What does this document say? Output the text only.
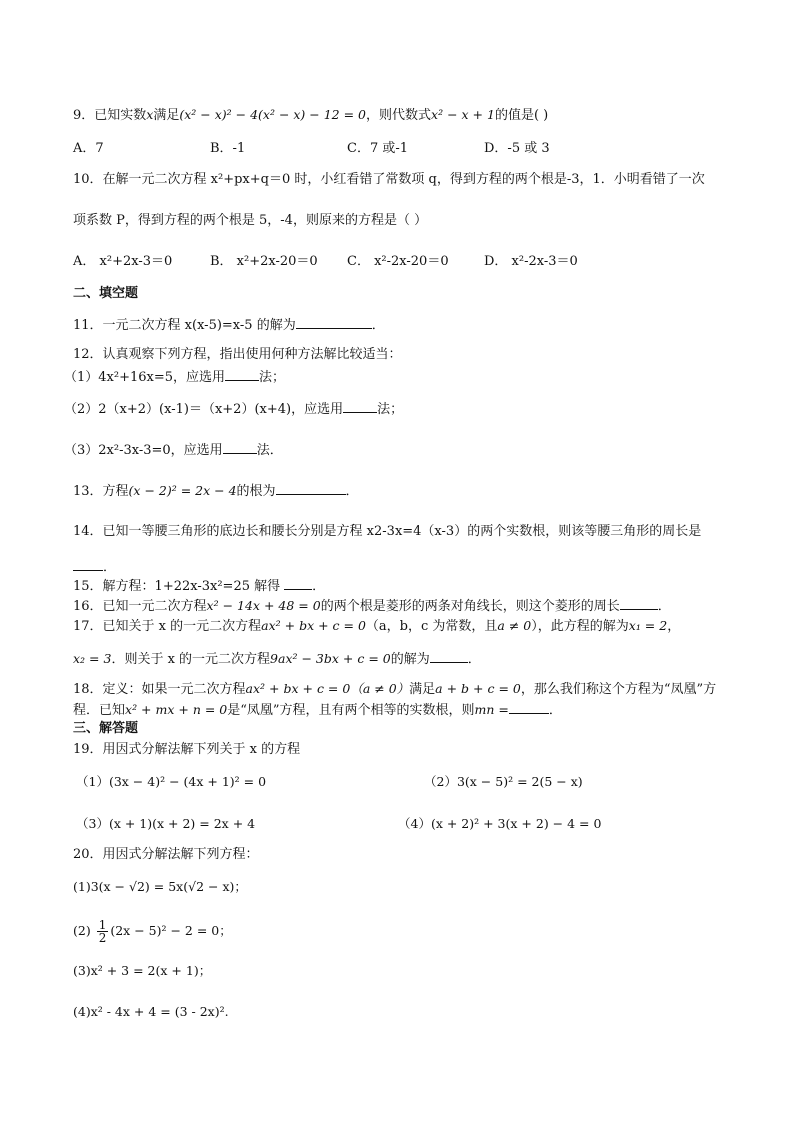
9．已知实数x满足(x² − x)² − 4(x² − x) − 12 = 0，则代数式x² − x + 1的值是( )
A．7	B．-1	C．7 或-1	D．-5 或 3
10．在解一元二次方程 x²+px+q＝0 时，小红看错了常数项 q，得到方程的两个根是-3，1．小明看错了一次
项系数 P，得到方程的两个根是 5，-4，则原来的方程是（ ）
A． x²+2x-3＝0	B． x²+2x-20＝0 C． x²-2x-20＝0	D． x²-2x-3＝0
二、填空题
11．一元二次方程 x(x-5)=x-5 的解为	．
12．认真观察下列方程，指出使用何种方法解比较适当：
（1）4x²+16x=5，应选用	法；
（2）2（x+2）(x-1)＝（x+2）(x+4)，应选用	法；
（3）2x²-3x-3=0，应选用	法．
13．方程(x − 2)² = 2x − 4的根为	．
14．已知一等腰三角形的底边长和腰长分别是方程 x2-3x=4（x-3）的两个实数根，则该等腰三角形的周长是
．
15．解方程：1+22x-3x²=25 解得 ．
16．已知一元二次方程x² − 14x + 48 = 0的两个根是菱形的两条对角线长，则这个菱形的周长	．
17．已知关于 x 的一元二次方程ax² + bx + c = 0（a，b，c 为常数，且a ≠ 0），此方程的解为x₁ = 2，
x₂ = 3．则关于 x 的一元二次方程9ax² − 3bx + c = 0的解为	．
18．定义：如果一元二次方程ax² + bx + c = 0（a ≠ 0）满足a + b + c = 0，那么我们称这个方程为“凤凰”方
程．已知x² + mx + n = 0是“凤凰”方程，且有两个相等的实数根，则mn =	．
三、解答题
19．用因式分解法解下列关于 x 的方程
（1）(3x − 4)² − (4x + 1)² = 0	（2）3(x − 5)² = 2(5 − x)
（3）(x + 1)(x + 2) = 2x + 4	（4）(x + 2)² + 3(x + 2) − 4 = 0
20．用因式分解法解下列方程：
(1)3(x − √2) = 5x(√2 − x)；
$(2) \frac{1}{2} (2x - 5)^2 - 2 = 0$；
(3)x² + 3 = 2(x + 1)；
(4)x² - 4x + 4 = (3 - 2x)².
